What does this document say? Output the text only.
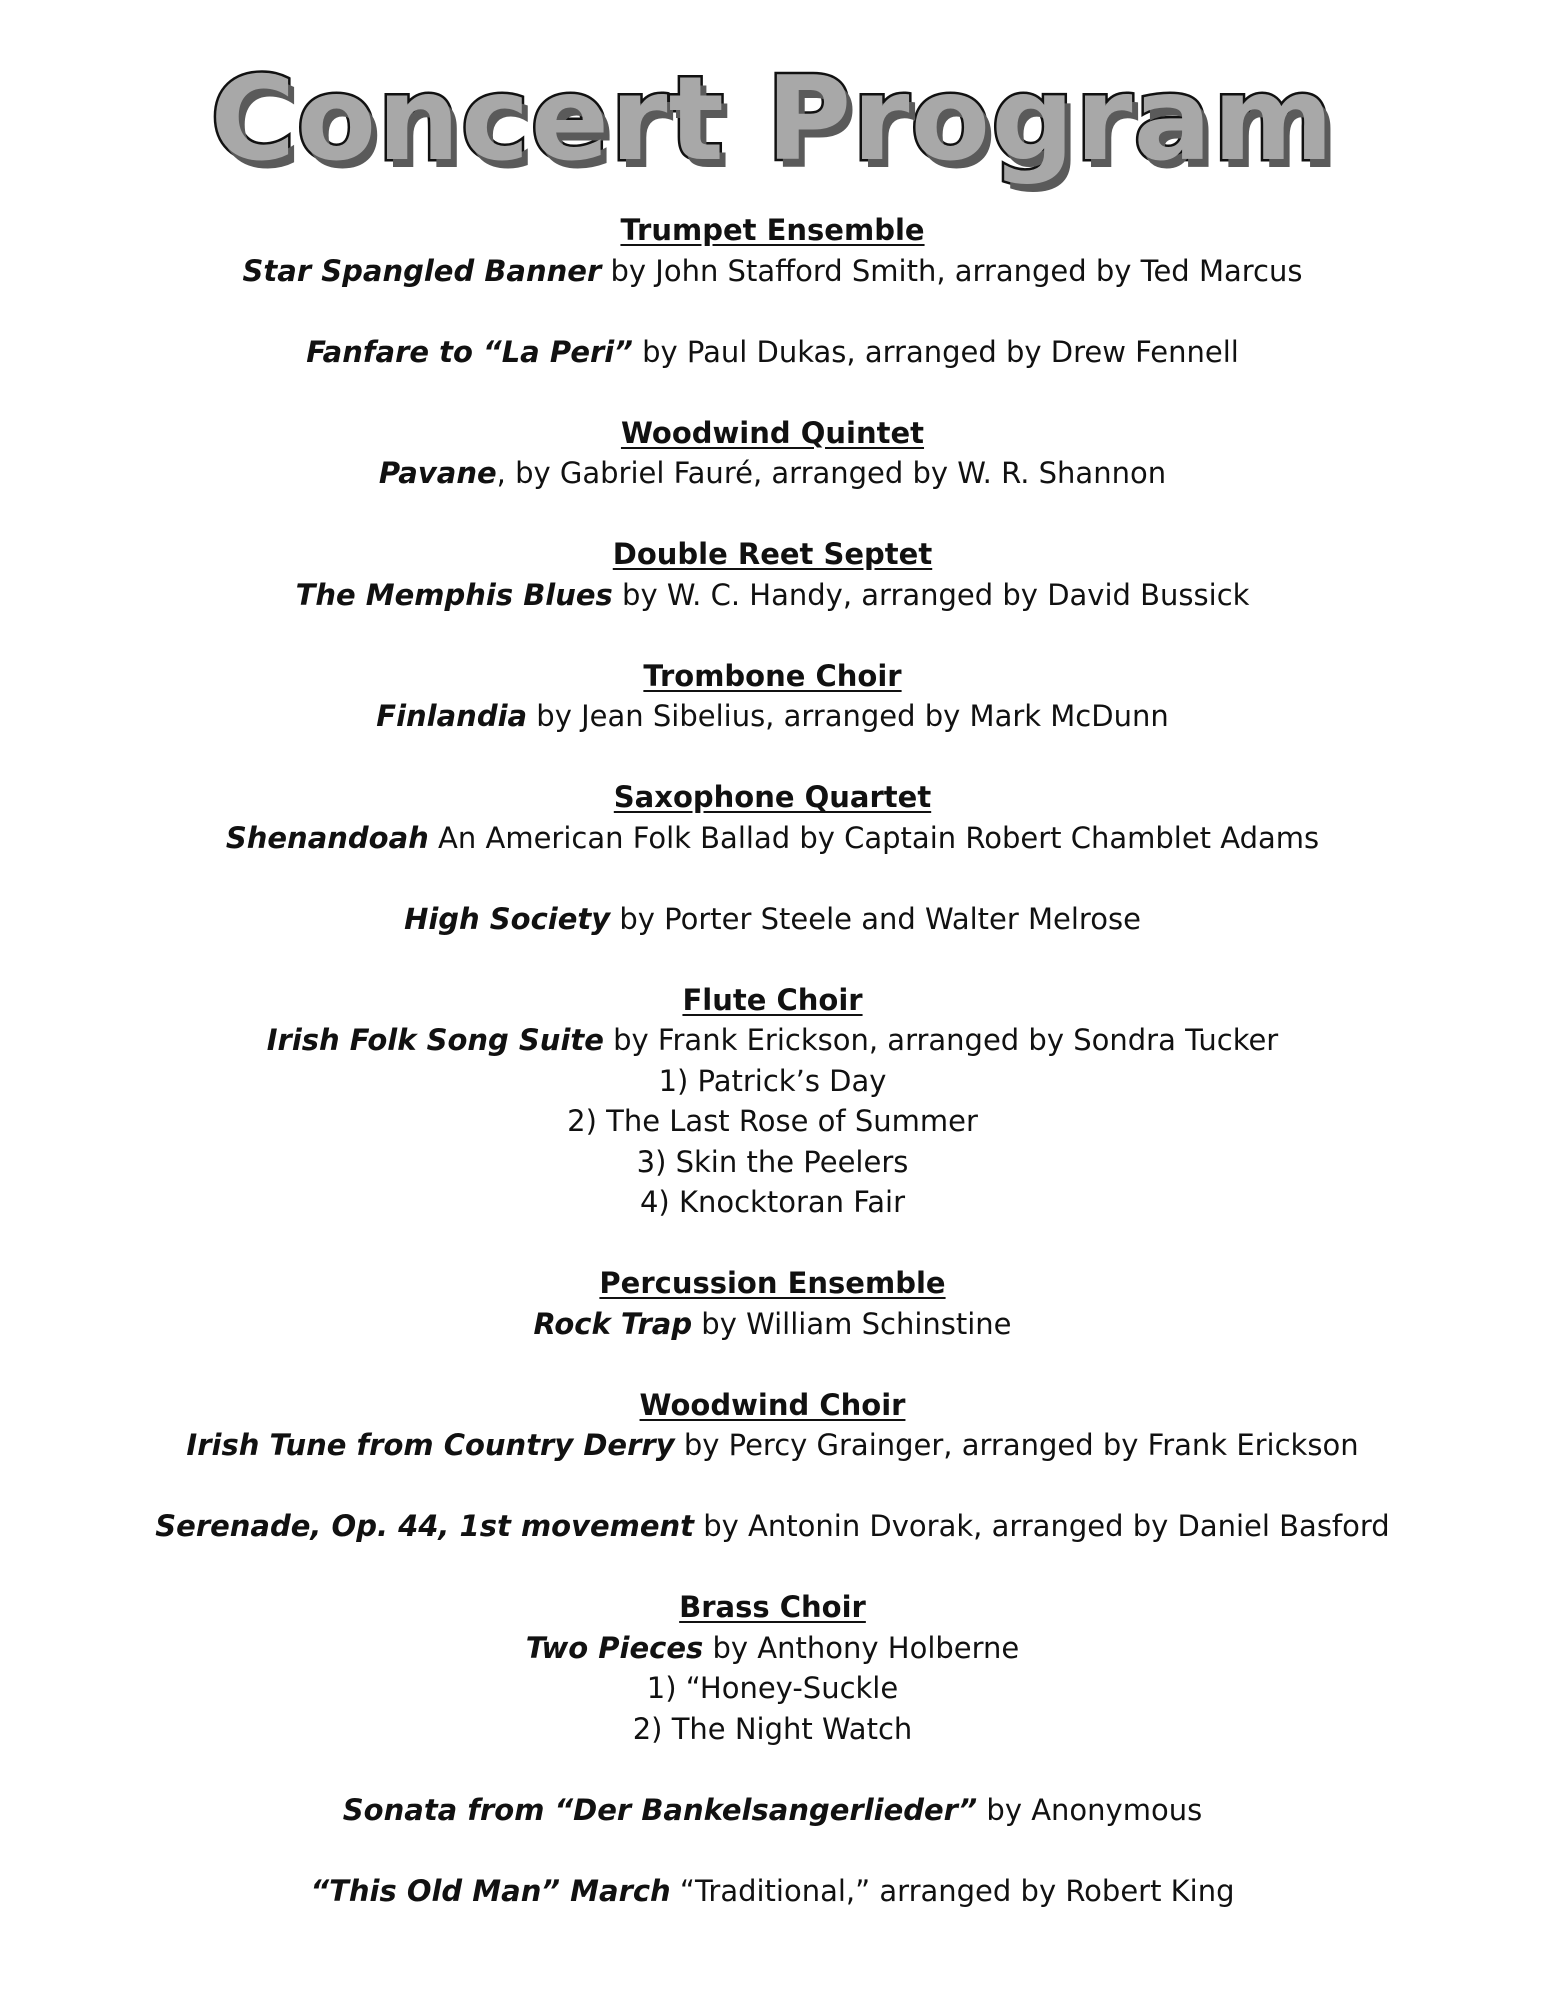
Concert Program
Trumpet Ensemble
Star Spangled Banner by John Stafford Smith, arranged by Ted Marcus
Fanfare to “La Peri” by Paul Dukas, arranged by Drew Fennell
Woodwind Quintet
Pavane, by Gabriel Fauré, arranged by W. R. Shannon
Double Reet Septet
The Memphis Blues by W. C. Handy, arranged by David Bussick
Trombone Choir
Finlandia by Jean Sibelius, arranged by Mark McDunn
Saxophone Quartet
Shenandoah An American Folk Ballad by Captain Robert Chamblet Adams
High Society by Porter Steele and Walter Melrose
Flute Choir
Irish Folk Song Suite by Frank Erickson, arranged by Sondra Tucker
1) Patrick’s Day
2) The Last Rose of Summer
3) Skin the Peelers
4) Knocktoran Fair
Percussion Ensemble
Rock Trap by William Schinstine
Woodwind Choir
Irish Tune from Country Derry by Percy Grainger, arranged by Frank Erickson
Serenade, Op. 44, 1st movement by Antonin Dvorak, arranged by Daniel Basford
Brass Choir
Two Pieces by Anthony Holberne
1) “Honey-Suckle
2) The Night Watch
Sonata from “Der Bankelsangerlieder” by Anonymous
“This Old Man” March “Traditional,” arranged by Robert King
